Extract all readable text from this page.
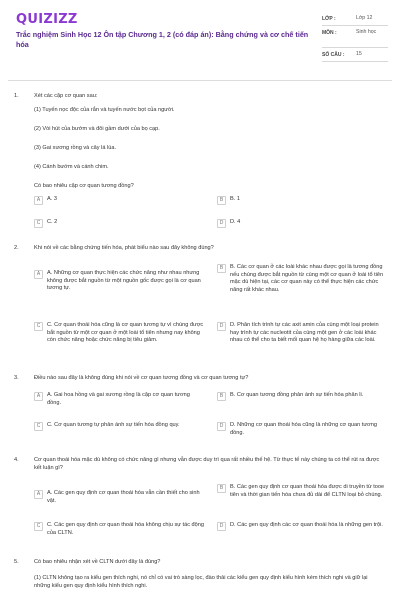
QUIZIZZ
Trắc nghiệm Sinh Học 12 Ôn tập Chương 1, 2 (có đáp án): Bằng chứng và cơ chế tiến hóa
LỚP :	Lớp 12
MÔN :	Sinh học
SỐ CÂU :	15
1.	Xét các cặp cơ quan sau:
(1) Tuyến nọc độc của rắn và tuyến nước bọt của người.
(2) Vòi hút của bướm và đôi gầm dưới của bọ cạp.
(3) Gai xương rồng và cây lá lúa.
(4) Cánh bướm và cánh chim.
Có bao nhiêu cặp cơ quan tương đồng?
A	A. 3	B	B. 1
C	C. 2	D	D. 4
2.	Khi nói về các bằng chứng tiến hóa, phát biểu nào sau đây không đúng?
A	A. Những cơ quan thực hiện các chức năng như nhau nhưng không được bắt nguồn từ một nguồn gốc được gọi là cơ quan tương tự.
B	B. Các cơ quan ở các loài khác nhau được gọi là tương đồng nếu chúng được bắt nguồn từ cùng một cơ quan ở loài tổ tiên mặc dù hiện tại, các cơ quan này có thể thực hiện các chức năng rất khác nhau.
C	C. Cơ quan thoái hóa cũng là cơ quan tương tự vì chúng được bắt nguồn từ một cơ quan ở một loài tổ tiên nhưng nay không còn chức năng hoặc chức năng bị tiêu giảm.
D	D. Phân tích trình tự các axit amin của cùng một loại protein hay trình tự các nucleotit của cùng một gen ở các loài khác nhau có thể cho ta biết mối quan hệ họ hàng giữa các loài.
3.	Điều nào sau đây là không đúng khi nói về cơ quan tương đồng và cơ quan tương tự?
A	A. Gai hoa hồng và gai xương rồng là cặp cơ quan tương đồng.
B	B. Cơ quan tương đồng phản ánh sự tiến hóa phân li.
C	C. Cơ quan tương tự phản ánh sự tiến hóa đồng quy.	D	D. Những cơ quan thoái hóa cũng là những cơ quan tương đồng.
4.	Cơ quan thoái hóa mặc dù không có chức năng gì nhưng vẫn được duy trì qua rất nhiều thế hệ. Từ thực tế này chúng ta có thể rút ra được kết luận gì?
A	A. Các gen quy định cơ quan thoái hóa vẫn cần thiết cho sinh vật.
B	B. Các gen quy định cơ quan thoái hóa được di truyền từ tooe tiên và thời gian tiến hóa chưa đủ dài để CLTN loại bỏ chúng.
C	C. Các gen quy định cơ quan thoái hóa không chịu sự tác động của CLTN.
D	D. Các gen quy định các cơ quan thoái hóa là những gen trội.
5.	Có bao nhiêu nhận xét về CLTN dưới đây là đúng?
(1) CLTN không tạo ra kiểu gen thích nghi, nó chỉ có vai trò sàng lọc, đào thải các kiểu gen quy định kiểu hình kém thích nghi và giữ lại những kiểu gen quy định kiểu hình thích nghi.
